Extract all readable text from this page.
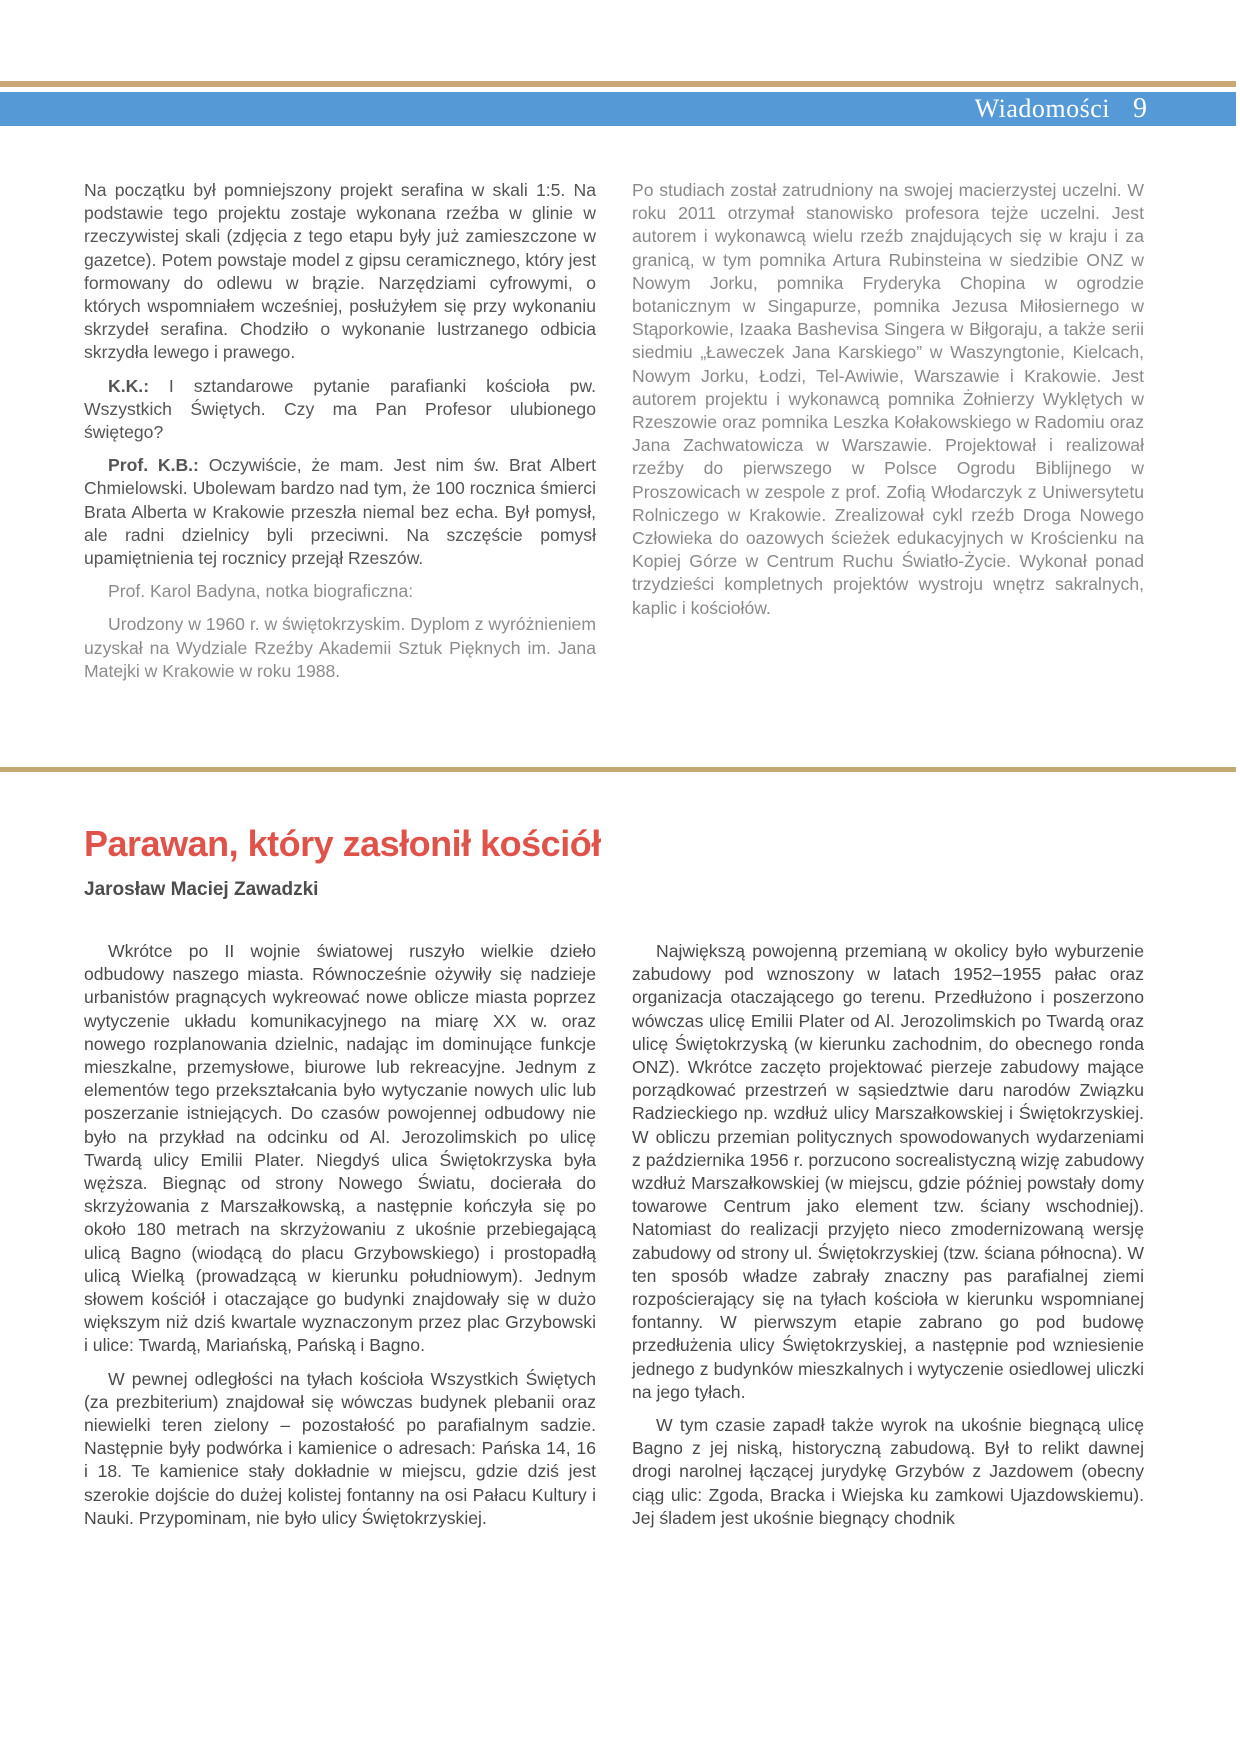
Wiadomości 9

Na początku był pomniejszony projekt serafina w skali 1:5. Na podstawie tego projektu zostaje wykonana rzeźba w glinie w rzeczywistej skali (zdjęcia z tego etapu były już zamieszczone w gazetce). Potem powstaje model z gipsu ceramicznego, który jest formowany do odlewu w brązie. Narzędziami cyfrowymi, o których wspomniałem wcześniej, posłużyłem się przy wykonaniu skrzydeł serafina. Chodziło o wykonanie lustrzanego odbicia skrzydła lewego i prawego.

K.K.: I sztandarowe pytanie parafianki kościoła pw. Wszystkich Świętych. Czy ma Pan Profesor ulubionego świętego?

Prof. K.B.: Oczywiście, że mam. Jest nim św. Brat Albert Chmielowski. Ubolewam bardzo nad tym, że 100 rocznica śmierci Brata Alberta w Krakowie przeszła niemal bez echa. Był pomysł, ale radni dzielnicy byli przeciwni. Na szczęście pomysł upamiętnienia tej rocznicy przejął Rzeszów.

Prof. Karol Badyna, notka biograficzna:

Urodzony w 1960 r. w świętokrzyskim. Dyplom z wyróżnieniem uzyskał na Wydziale Rzeźby Akademii Sztuk Pięknych im. Jana Matejki w Krakowie w roku 1988.

Po studiach został zatrudniony na swojej macierzystej uczelni. W roku 2011 otrzymał stanowisko profesora tejże uczelni. Jest autorem i wykonawcą wielu rzeźb znajdujących się w kraju i za granicą, w tym pomnika Artura Rubinsteina w siedzibie ONZ w Nowym Jorku, pomnika Fryderyka Chopina w ogrodzie botanicznym w Singapurze, pomnika Jezusa Miłosiernego w Stąporkowie, Izaaka Bashevisa Singera w Biłgoraju, a także serii siedmiu „Ławeczek Jana Karskiego” w Waszyngtonie, Kielcach, Nowym Jorku, Łodzi, Tel-Awiwie, Warszawie i Krakowie. Jest autorem projektu i wykonawcą pomnika Żołnierzy Wyklętych w Rzeszowie oraz pomnika Leszka Kołakowskiego w Radomiu oraz Jana Zachwatowicza w Warszawie. Projektował i realizował rzeźby do pierwszego w Polsce Ogrodu Biblijnego w Proszowicach w zespole z prof. Zofią Włodarczyk z Uniwersytetu Rolniczego w Krakowie. Zrealizował cykl rzeźb Droga Nowego Człowieka do oazowych ścieżek edukacyjnych w Krościenku na Kopiej Górze w Centrum Ruchu Światło-Życie. Wykonał ponad trzydzieści kompletnych projektów wystroju wnętrz sakralnych, kaplic i kościołów.

Parawan, który zasłonił kościół
Jarosław Maciej Zawadzki

Wkrótce po II wojnie światowej ruszyło wielkie dzieło odbudowy naszego miasta. Równocześnie ożywiły się nadzieje urbanistów pragnących wykreować nowe oblicze miasta poprzez wytyczenie układu komunikacyjnego na miarę XX w. oraz nowego rozplanowania dzielnic, nadając im dominujące funkcje mieszkalne, przemysłowe, biurowe lub rekreacyjne. Jednym z elementów tego przekształcania było wytyczanie nowych ulic lub poszerzanie istniejących. Do czasów powojennej odbudowy nie było na przykład na odcinku od Al. Jerozolimskich po ulicę Twardą ulicy Emilii Plater. Niegdyś ulica Świętokrzyska była węższa. Biegnąc od strony Nowego Światu, docierała do skrzyżowania z Marszałkowską, a następnie kończyła się po około 180 metrach na skrzyżowaniu z ukośnie przebiegającą ulicą Bagno (wiodącą do placu Grzybowskiego) i prostopadłą ulicą Wielką (prowadzącą w kierunku południowym). Jednym słowem kościół i otaczające go budynki znajdowały się w dużo większym niż dziś kwartale wyznaczonym przez plac Grzybowski i ulice: Twardą, Mariańską, Pańską i Bagno.

W pewnej odległości na tyłach kościoła Wszystkich Świętych (za prezbiterium) znajdował się wówczas budynek plebanii oraz niewielki teren zielony – pozostałość po parafialnym sadzie. Następnie były podwórka i kamienice o adresach: Pańska 14, 16 i 18. Te kamienice stały dokładnie w miejscu, gdzie dziś jest szerokie dojście do dużej kolistej fontanny na osi Pałacu Kultury i Nauki. Przypominam, nie było ulicy Świętokrzyskiej.

Największą powojenną przemianą w okolicy było wyburzenie zabudowy pod wznoszony w latach 1952–1955 pałac oraz organizacja otaczającego go terenu. Przedłużono i poszerzono wówczas ulicę Emilii Plater od Al. Jerozolimskich po Twardą oraz ulicę Świętokrzyską (w kierunku zachodnim, do obecnego ronda ONZ). Wkrótce zaczęto projektować pierzeje zabudowy mające porządkować przestrzeń w sąsiedztwie daru narodów Związku Radzieckiego np. wzdłuż ulicy Marszałkowskiej i Świętokrzyskiej. W obliczu przemian politycznych spowodowanych wydarzeniami z października 1956 r. porzucono socrealistyczną wizję zabudowy wzdłuż Marszałkowskiej (w miejscu, gdzie później powstały domy towarowe Centrum jako element tzw. ściany wschodniej). Natomiast do realizacji przyjęto nieco zmodernizowaną wersję zabudowy od strony ul. Świętokrzyskiej (tzw. ściana północna). W ten sposób władze zabrały znaczny pas parafialnej ziemi rozpościerający się na tyłach kościoła w kierunku wspomnianej fontanny. W pierwszym etapie zabrano go pod budowę przedłużenia ulicy Świętokrzyskiej, a następnie pod wzniesienie jednego z budynków mieszkalnych i wytyczenie osiedlowej uliczki na jego tyłach.

W tym czasie zapadł także wyrok na ukośnie biegnącą ulicę Bagno z jej niską, historyczną zabudową. Był to relikt dawnej drogi narolnej łączącej jurydykę Grzybów z Jazdowem (obecny ciąg ulic: Zgoda, Bracka i Wiejska ku zamkowi Ujazdowskiemu). Jej śladem jest ukośnie biegnący chodnik
